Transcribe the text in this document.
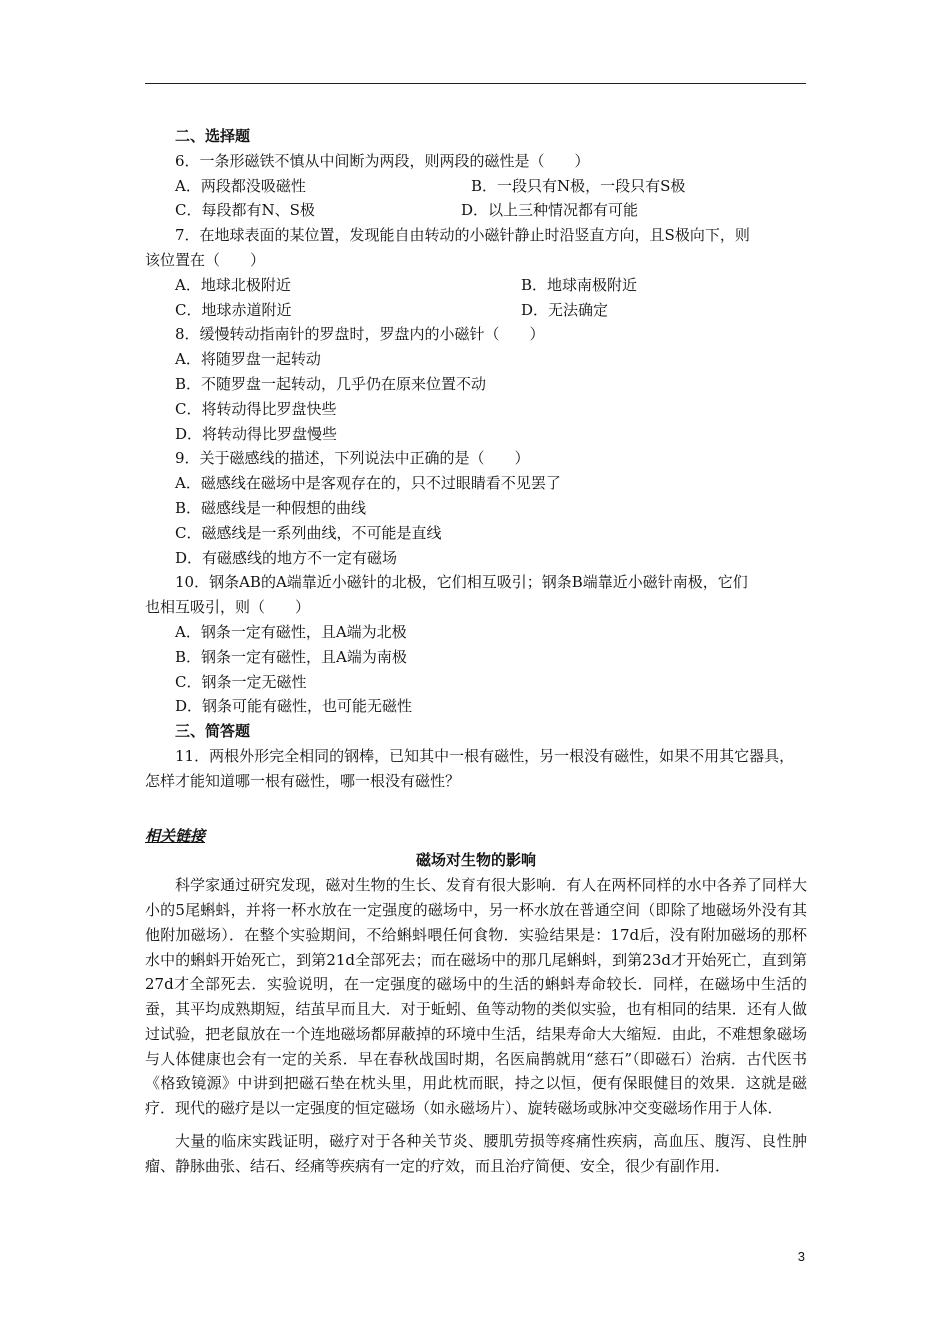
二、选择题
6．一条形磁铁不慎从中间断为两段，则两段的磁性是（　　）
A．两段都没吸磁性	B．一段只有N极，一段只有S极
C．每段都有N、S极	D．以上三种情况都有可能
7．在地球表面的某位置，发现能自由转动的小磁针静止时沿竖直方向，且S极向下，则
该位置在（　　）
A．地球北极附近	B．地球南极附近
C．地球赤道附近	D．无法确定
8．缓慢转动指南针的罗盘时，罗盘内的小磁针（　　）
A．将随罗盘一起转动
B．不随罗盘一起转动，几乎仍在原来位置不动
C．将转动得比罗盘快些
D．将转动得比罗盘慢些
9．关于磁感线的描述，下列说法中正确的是（　　）
A．磁感线在磁场中是客观存在的，只不过眼睛看不见罢了
B．磁感线是一种假想的曲线
C．磁感线是一系列曲线，不可能是直线
D．有磁感线的地方不一定有磁场
10．钢条AB的A端靠近小磁针的北极，它们相互吸引；钢条B端靠近小磁针南极，它们
也相互吸引，则（　　）
A．钢条一定有磁性，且A端为北极
B．钢条一定有磁性，且A端为南极
C．钢条一定无磁性
D．钢条可能有磁性，也可能无磁性
三、简答题
11．两根外形完全相同的钢棒，已知其中一根有磁性，另一根没有磁性，如果不用其它器具，怎样才能知道哪一根有磁性，哪一根没有磁性？
相关链接
磁场对生物的影响
科学家通过研究发现，磁对生物的生长、发育有很大影响．有人在两杯同样的水中各养了同样大小的5尾蝌蚪，并将一杯水放在一定强度的磁场中，另一杯水放在普通空间（即除了地磁场外没有其他附加磁场）．在整个实验期间，不给蝌蚪喂任何食物．实验结果是：17d后，没有附加磁场的那杯水中的蝌蚪开始死亡，到第21d全部死去；而在磁场中的那几尾蝌蚪，到第23d才开始死亡，直到第27d才全部死去．实验说明，在一定强度的磁场中的生活的蝌蚪寿命较长．同样，在磁场中生活的蚕，其平均成熟期短，结茧早而且大．对于蚯蚓、鱼等动物的类似实验，也有相同的结果．还有人做过试验，把老鼠放在一个连地磁场都屏蔽掉的环境中生活，结果寿命大大缩短．由此，不难想象磁场与人体健康也会有一定的关系．早在春秋战国时期，名医扁鹊就用“慈石”（即磁石）治病．古代医书《格致镜源》中讲到把磁石垫在枕头里，用此枕而眠，持之以恒，便有保眼健目的效果．这就是磁疗．现代的磁疗是以一定强度的恒定磁场（如永磁场片）、旋转磁场或脉冲交变磁场作用于人体．
大量的临床实践证明，磁疗对于各种关节炎、腰肌劳损等疼痛性疾病，高血压、腹泻、良性肿瘤、静脉曲张、结石、经痛等疾病有一定的疗效，而且治疗简便、安全，很少有副作用．
3
